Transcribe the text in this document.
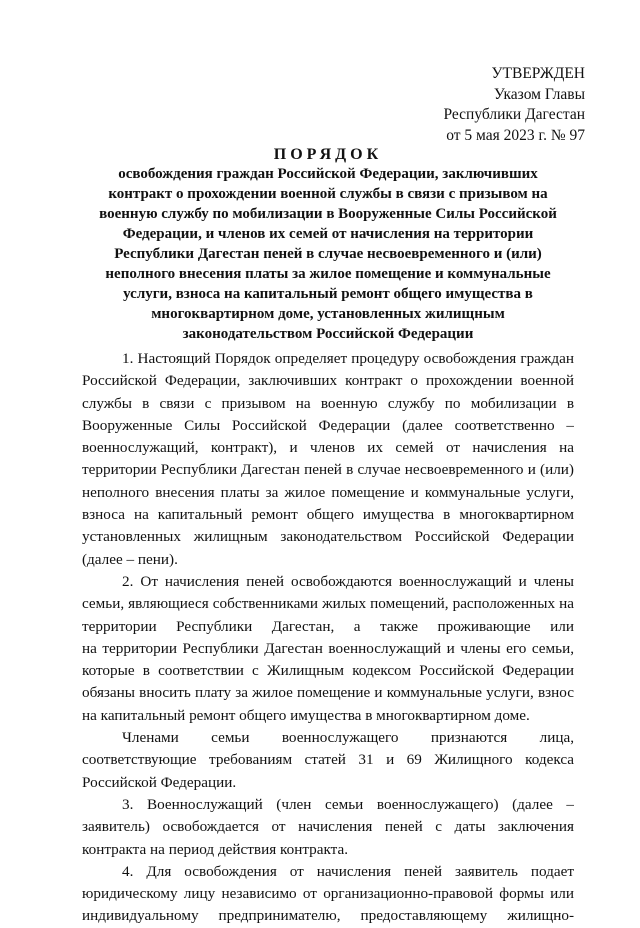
УТВЕРЖДЕН
Указом Главы
Республики Дагестан
от 5 мая 2023 г. № 97
ПОРЯДОК
освобождения граждан Российской Федерации, заключивших
контракт о прохождении военной службы в связи с призывом на
военную службу по мобилизации в Вооруженные Силы Российской
Федерации, и членов их семей от начисления на территории
Республики Дагестан пеней в случае несвоевременного и (или)
неполного внесения платы за жилое помещение и коммунальные
услуги, взноса на капитальный ремонт общего имущества в
многоквартирном доме, установленных жилищным
законодательством Российской Федерации
1. Настоящий Порядок определяет процедуру освобождения граждан
Российской Федерации, заключивших контракт о прохождении военной
службы в связи с призывом на военную службу по мобилизации в
Вооруженные Силы Российской Федерации (далее соответственно –
военнослужащий, контракт), и членов их семей от начисления на
территории Республики Дагестан пеней в случае несвоевременного и (или)
неполного внесения платы за жилое помещение и коммунальные услуги,
взноса на капитальный ремонт общего имущества в многоквартирном
установленных жилищным законодательством Российской Федерации
(далее – пени).
2. От начисления пеней освобождаются военнослужащий и члены
семьи, являющиеся собственниками жилых помещений, расположенных на
территории Республики Дагестан, а также проживающие или
на территории Республики Дагестан военнослужащий и члены его семьи,
которые в соответствии с Жилищным кодексом Российской Федерации
обязаны вносить плату за жилое помещение и коммунальные услуги, взнос
на капитальный ремонт общего имущества в многоквартирном доме.
Членами семьи военнослужащего признаются лица,
соответствующие требованиям статей 31 и 69 Жилищного кодекса
Российской Федерации.
3. Военнослужащий (член семьи военнослужащего) (далее –
заявитель) освобождается от начисления пеней с даты заключения
контракта на период действия контракта.
4. Для освобождения от начисления пеней заявитель подает
юридическому лицу независимо от организационно-правовой формы или
индивидуальному предпринимателю, предоставляющему жилищно-
